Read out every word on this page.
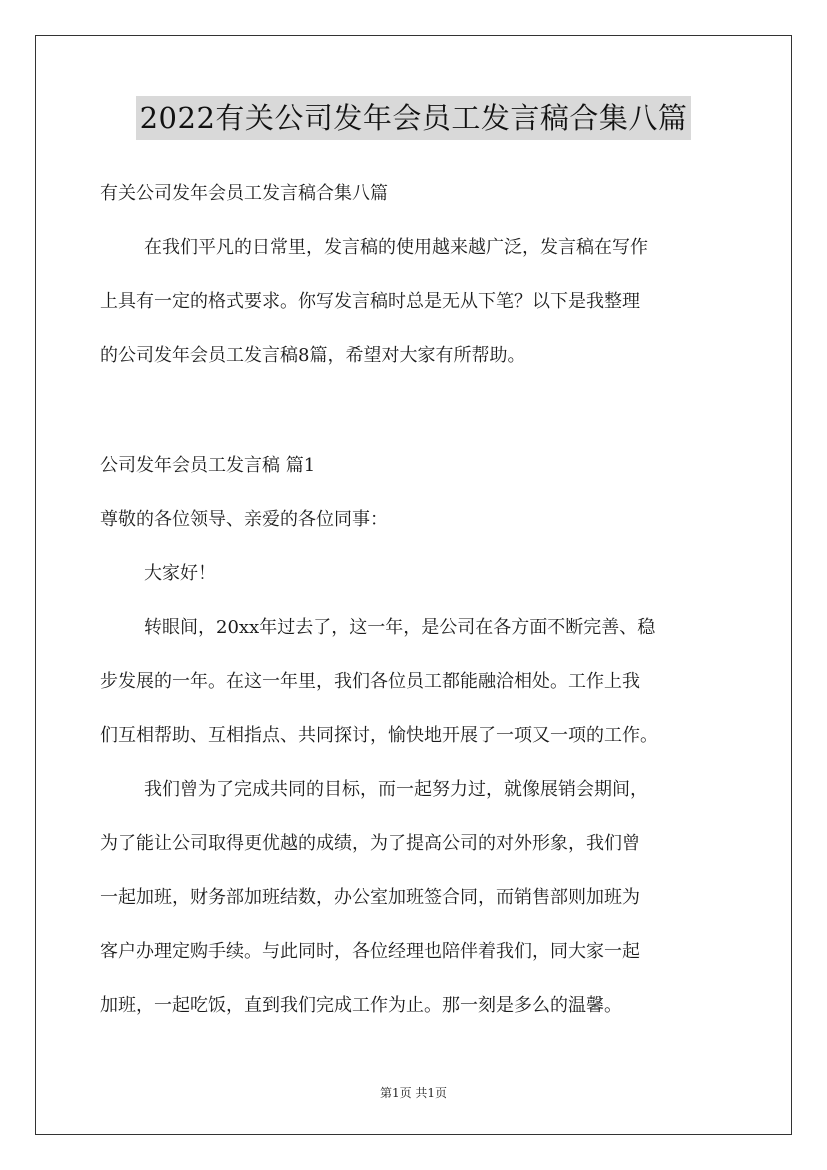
2022有关公司发年会员工发言稿合集八篇
有关公司发年会员工发言稿合集八篇
在我们平凡的日常里，发言稿的使用越来越广泛，发言稿在写作
上具有一定的格式要求。你写发言稿时总是无从下笔？以下是我整理
的公司发年会员工发言稿8篇，希望对大家有所帮助。
公司发年会员工发言稿 篇1
尊敬的各位领导、亲爱的各位同事：
大家好！
转眼间，20xx年过去了，这一年，是公司在各方面不断完善、稳
步发展的一年。在这一年里，我们各位员工都能融洽相处。工作上我
们互相帮助、互相指点、共同探讨，愉快地开展了一项又一项的工作。
我们曾为了完成共同的目标，而一起努力过，就像展销会期间，
为了能让公司取得更优越的成绩，为了提高公司的对外形象，我们曾
一起加班，财务部加班结数，办公室加班签合同，而销售部则加班为
客户办理定购手续。与此同时，各位经理也陪伴着我们，同大家一起
加班，一起吃饭，直到我们完成工作为止。那一刻是多么的温馨。
第1页 共1页
